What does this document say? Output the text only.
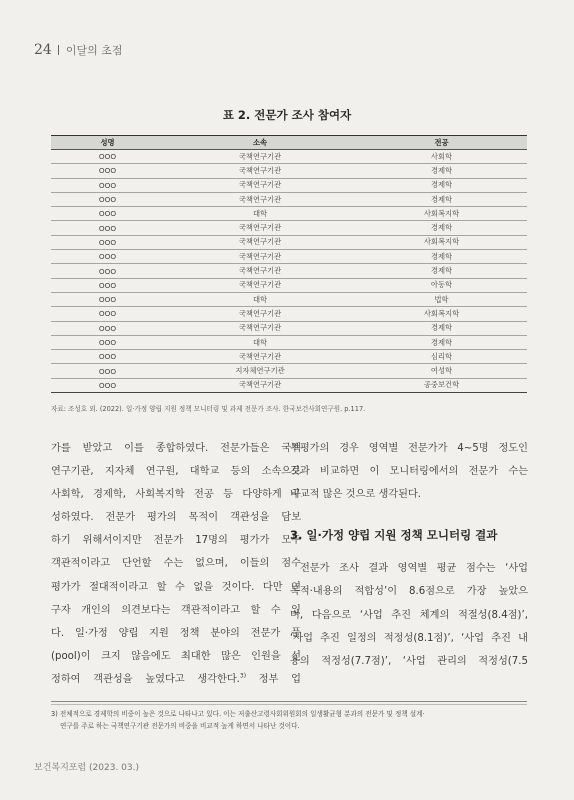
24 이달의 초점
표 2. 전문가 조사 참여자
성명	소속	전공
OOO	국책연구기관	사회학
OOO	국책연구기관	경제학
OOO	국책연구기관	경제학
OOO	국책연구기관	경제학
OOO	대학	사회복지학
OOO	국책연구기관	경제학
OOO	국책연구기관	사회복지학
OOO	국책연구기관	경제학
OOO	국책연구기관	경제학
OOO	국책연구기관	아동학
OOO	대학	법학
OOO	국책연구기관	사회복지학
OOO	국책연구기관	경제학
OOO	대학	경제학
OOO	국책연구기관	심리학
OOO	지자체연구기관	여성학
OOO	국책연구기관	공중보건학
자료: 조성호 외. (2022). 일·가정 양립 지원 정책 모니터링 및 과제 전문가 조사. 한국보건사회연구원. p.117.
가를 받았고 이를 종합하였다. 전문가들은 국책
연구기관, 지자체 연구원, 대학교 등의 소속으로
사회학, 경제학, 사회복지학 전공 등 다양하게 구
성하였다. 전문가 평가의 목적이 객관성을 담보
하기 위해서이지만 전문가 17명의 평가가 모두
객관적이라고 단언할 수는 없으며, 이들의 점수
평가가 절대적이라고 할 수 없을 것이다. 다만 연
구자 개인의 의견보다는 객관적이라고 할 수 있
다. 일·가정 양립 지원 정책 분야의 전문가 풀
(pool)이 크지 않음에도 최대한 많은 인원을 선
정하여 객관성을 높였다고 생각한다.$^{3)}$ 정부 업
무평가의 경우 영역별 전문가가 4~5명 정도인
것과 비교하면 이 모니터링에서의 전문가 수는
비교적 많은 것으로 생각된다.
3. 일·가정 양립 지원 정책 모니터링 결과
전문가 조사 결과 영역별 평균 점수는 ‘사업
목적·내용의 적합성’이 8.6점으로 가장 높았으
며, 다음으로 ‘사업 추진 체계의 적절성(8.4점)’,
‘사업 추진 일정의 적정성(8.1점)’, ‘사업 추진 내
용의 적정성(7.7점)’, ‘사업 관리의 적정성(7.5
3) 전체적으로 경제학의 비중이 높은 것으로 나타나고 있다. 이는 저출산고령사회위원회의 일생활균형 분과의 전문가 및 정책 설계·
연구를 주로 하는 국책연구기관 전문가의 비중을 비교적 높게 하면서 나타난 것이다.
보건복지포럼 (2023. 03.)
